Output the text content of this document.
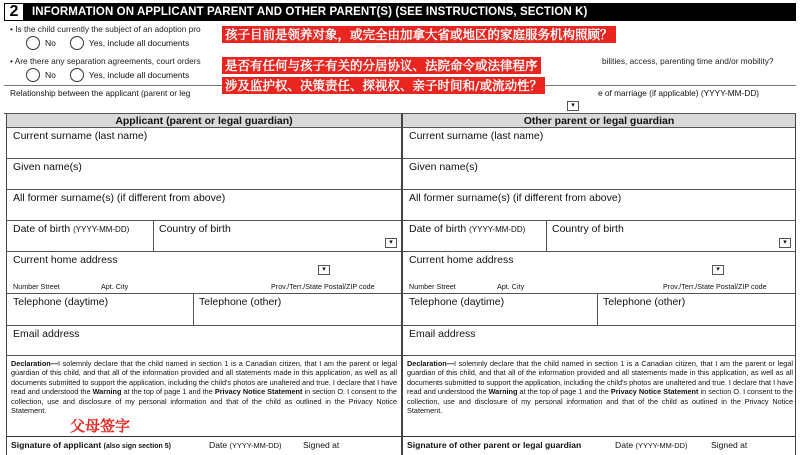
2	INFORMATION ON APPLICANT PARENT AND OTHER PARENT(S) (SEE INSTRUCTIONS, SECTION K)
• Is the child currently the subject of an adoption pro
No	Yes, include all documents
• Are there any separation agreements, court orders	bilities, access, parenting time and/or mobility?
No	Yes, include all documents
Relationship between the applicant (parent or leg	e of marriage (if applicable) (YYYY-MM-DD)
▾
孩子目前是领养对象，或完全由加拿大省或地区的家庭服务机构照顾？
是否有任何与孩子有关的分居协议、法院命令或法律程序
涉及监护权、决策责任、探视权、亲子时间和/或流动性？
Applicant (parent or legal guardian)
Current surname (last name)
Given name(s)
All former surname(s) (if different from above)
Date of birth (YYYY-MM-DD)	Country of birth
▾
Current home address
▾
Number Street	Apt. City	Prov./Terr./State Postal/ZIP code
Telephone (daytime)	Telephone (other)
Email address
Declaration—I solemnly declare that the child named in section 1 is a Canadian citizen, that I am the parent or legal guardian of this child, and that all of the information provided and all statements made in this application, as well as all documents submitted to support the application, including the child's photos are unaltered and true. I declare that I have read and understood the Warning at the top of page 1 and the Privacy Notice Statement in section O. I consent to the collection, use and disclosure of my personal information and that of the child as outlined in the Privacy Notice Statement.
Signature of applicant (also sign section 5)	Date (YYYY-MM-DD)	Signed at
Other parent or legal guardian
Current surname (last name)
Given name(s)
All former surname(s) (if different from above)
Date of birth (YYYY-MM-DD)	Country of birth
▾
Current home address
▾
Number Street	Apt. City	Prov./Terr./State Postal/ZIP code
Telephone (daytime)	Telephone (other)
Email address
Declaration—I solemnly declare that the child named in section 1 is a Canadian citizen, that I am the parent or legal guardian of this child, and that all of the information provided and all statements made in this application, as well as all documents submitted to support the application, including the child's photos are unaltered and true. I declare that I have read and understood the Warning at the top of page 1 and the Privacy Notice Statement in section O. I consent to the collection, use and disclosure of my personal information and that of the child as outlined in the Privacy Notice Statement.
Signature of other parent or legal guardian	Date (YYYY-MM-DD)	Signed at
父母签字
